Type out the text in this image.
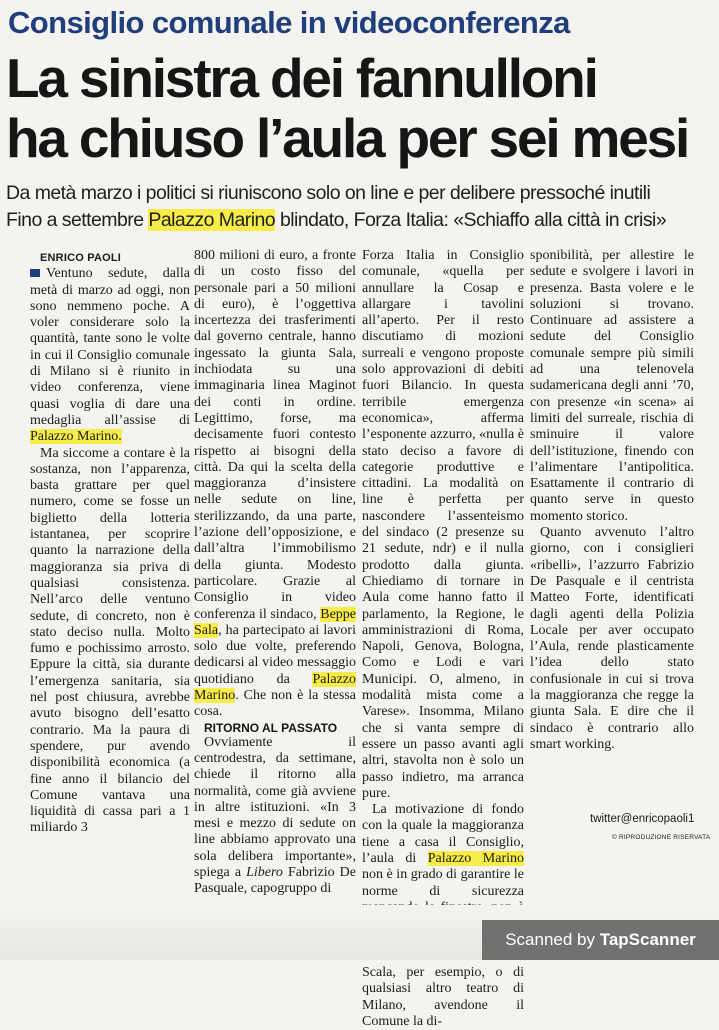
Consiglio comunale in videoconferenza
La sinistra dei fannulloni
ha chiuso l’aula per sei mesi
Da metà marzo i politici si riuniscono solo on line e per delibere pressoché inutili
Fino a settembre Palazzo Marino blindato, Forza Italia: «Schiaffo alla città in crisi»

ENRICO PAOLI

Ventuno sedute, dalla metà di marzo ad oggi, non sono nemmeno poche. A voler considerare solo la quantità, tante sono le volte in cui il Consiglio comunale di Milano si è riunito in video conferenza, viene quasi voglia di dare una medaglia all’assise di Palazzo Marino.

Ma siccome a contare è la sostanza, non l’apparenza, basta grattare per quel numero, come se fosse un biglietto della lotteria istantanea, per scoprire quanto la narrazione della maggioranza sia priva di qualsiasi consistenza. Nell’arco delle ventuno sedute, di concreto, non è stato deciso nulla. Molto fumo e pochissimo arrosto. Eppure la città, sia durante l’emergenza sanitaria, sia nel post chiusura, avrebbe avuto bisogno dell’esatto contrario. Ma la paura di spendere, pur avendo disponibilità economica (a fine anno il bilancio del Comune vantava una liquidità di cassa pari a 1 miliardo 3

800 milioni di euro, a fronte di un costo fisso del personale pari a 50 milioni di euro), è l’oggettiva incertezza dei trasferimenti dal governo centrale, hanno ingessato la giunta Sala, inchiodata su una immaginaria linea Maginot dei conti in ordine. Legittimo, forse, ma decisamente fuori contesto rispetto ai bisogni della città. Da qui la scelta della maggioranza d’insistere nelle sedute on line, sterilizzando, da una parte, l’azione dell’opposizione, e dall’altra l’immobilismo della giunta. Modesto particolare. Grazie al Consiglio in video conferenza il sindaco, Beppe Sala, ha partecipato ai lavori solo due volte, preferendo dedicarsi al video messaggio quotidiano da Palazzo Marino. Che non è la stessa cosa.

RITORNO AL PASSATO

Ovviamente il centrodestra, da settimane, chiede il ritorno alla normalità, come già avviene in altre istituzioni. «In 3 mesi e mezzo di sedute on line abbiamo approvato una sola delibera importante», spiega a Libero Fabrizio De Pasquale, capogruppo di

Forza Italia in Consiglio comunale, «quella per annullare la Cosap e allargare i tavolini all’aperto. Per il resto discutiamo di mozioni surreali e vengono proposte solo approvazioni di debiti fuori Bilancio. In questa terribile emergenza economica», afferma l’esponente azzurro, «nulla è stato deciso a favore di categorie produttive e cittadini. La modalità on line è perfetta per nascondere l’assenteismo del sindaco (2 presenze su 21 sedute, ndr) e il nulla prodotto dalla giunta. Chiediamo di tornare in Aula come hanno fatto il parlamento, la Regione, le amministrazioni di Roma, Napoli, Genova, Bologna, Como e Lodi e vari Municipi. O, almeno, in modalità mista come a Varese». Insomma, Milano che si vanta sempre di essere un passo avanti agli altri, stavolta non è solo un passo indietro, ma arranca pure.

La motivazione di fondo con la quale la maggioranza tiene a casa il Consiglio, l’aula di Palazzo Marino non è in grado di garantire le norme di sicurezza Scala, per esempio, o di qualsiasi altro teatro di Milano, avendone il Comune la di-

sponibilità, per allestire le sedute e svolgere i lavori in presenza. Basta volere e le soluzioni si trovano. Continuare ad assistere a sedute del Consiglio comunale sempre più simili ad una telenovela sudamericana degli anni ’70, con presenze «in scena» ai limiti del surreale, rischia di sminuire il valore dell’istituzione, finendo con l’alimentare l’antipolitica. Esattamente il contrario di quanto serve in questo momento storico.

Quanto avvenuto l’altro giorno, con i consiglieri «ribelli», l’azzurro Fabrizio De Pasquale e il centrista Matteo Forte, identificati dagli agenti della Polizia Locale per aver occupato l’Aula, rende plasticamente l’idea dello stato confusionale in cui si trova la maggioranza che regge la giunta Sala. E dire che il sindaco è contrario allo smart working.

twitter@enricopaoli1
© RIPRODUZIONE RISERVATA
Scanned by TapScanner
